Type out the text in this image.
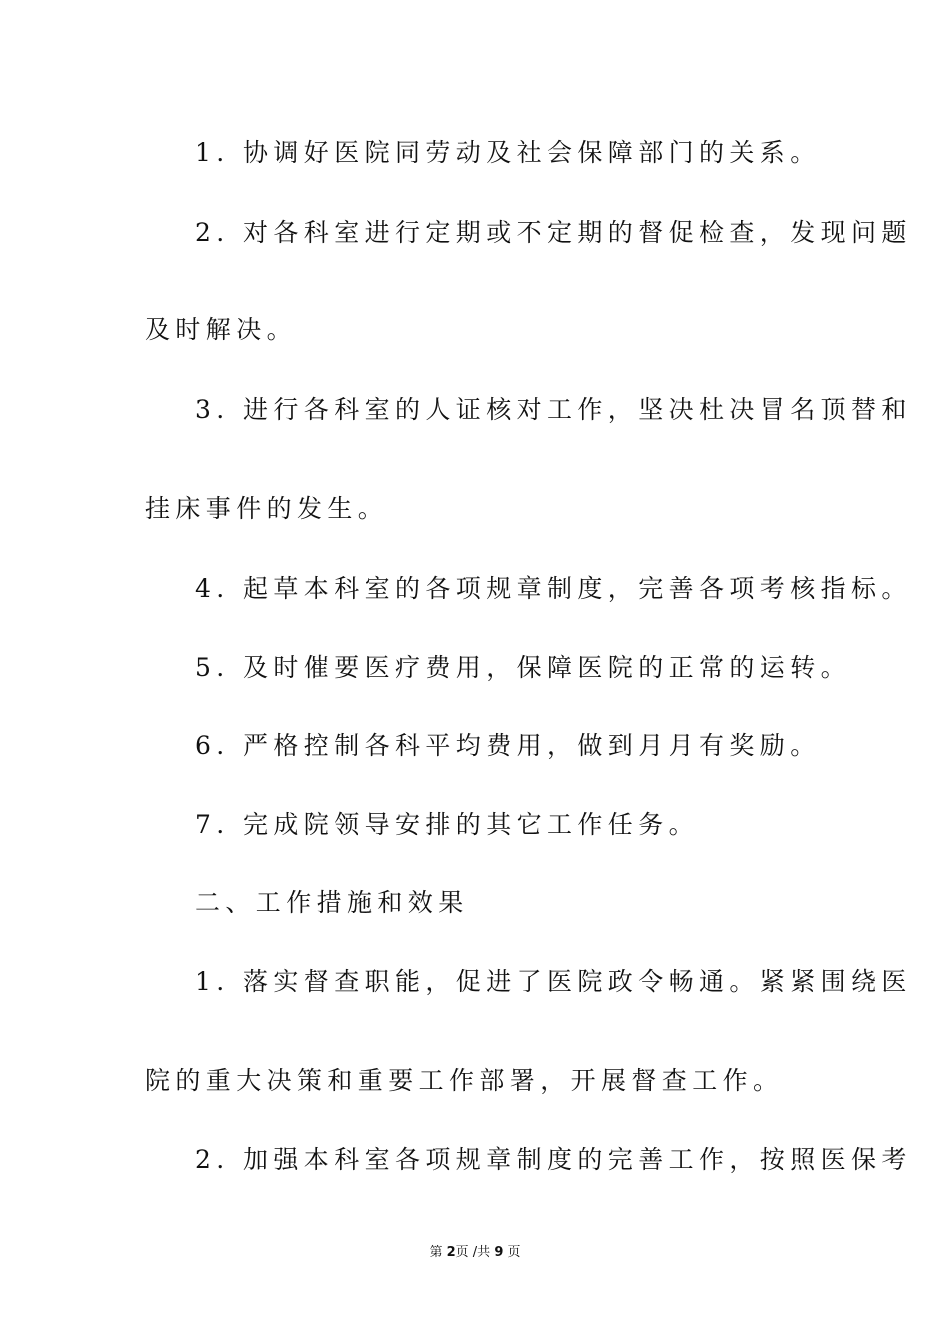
1. 协调好医院同劳动及社会保障部门的关系。
2. 对各科室进行定期或不定期的督促检查，发现问题
及时解决。
3. 进行各科室的人证核对工作，坚决杜决冒名顶替和
挂床事件的发生。
4. 起草本科室的各项规章制度，完善各项考核指标。
5. 及时催要医疗费用，保障医院的正常的运转。
6. 严格控制各科平均费用，做到月月有奖励。
7. 完成院领导安排的其它工作任务。
二、工作措施和效果
1. 落实督查职能，促进了医院政令畅通。紧紧围绕医
院的重大决策和重要工作部署，开展督查工作。
2. 加强本科室各项规章制度的完善工作，按照医保考
第 2页 /共 9 页
